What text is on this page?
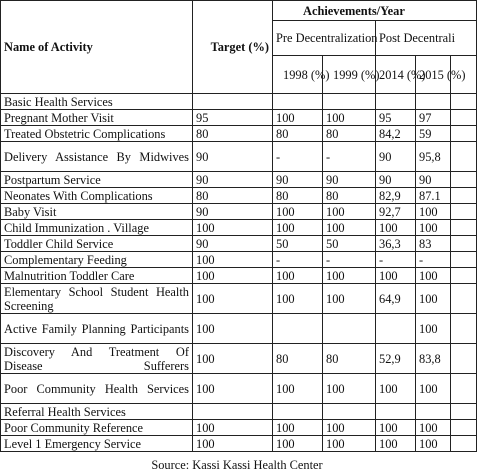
Name of Activity	Target (%)	Achievements/Year				
		Pre Decentralization		Post Decentrali		
		1998 (%)	1999 (%)	2014 (%)	2015 (%)	
Basic Health Services						
Pregnant Mother Visit	95	100	100	95	97	
Treated Obstetric Complications	80	80	80	84,2	59	
Delivery Assistance By Midwives	90	-	-	90	95,8	
Postpartum Service	90	90	90	90	90	
Neonates With Complications	80	80	80	82,9	87.1	
Baby Visit	90	100	100	92,7	100	
Child Immunization . Village	100	100	100	100	100	
Toddler Child Service	90	50	50	36,3	83	
Complementary Feeding	100	-	-	-	-	
Malnutrition Toddler Care	100	100	100	100	100	
Elementary School Student Health Screening	100	100	100	64,9	100	
Active Family Planning Participants	100				100	
Discovery And Treatment Of Disease Sufferers	100	80	80	52,9	83,8	
Poor Community Health Services	100	100	100	100	100	
Referral Health Services						
Poor Community Reference	100	100	100	100	100	
Level 1 Emergency Service	100	100	100	100	100	
Source: Kassi Kassi Health Center
